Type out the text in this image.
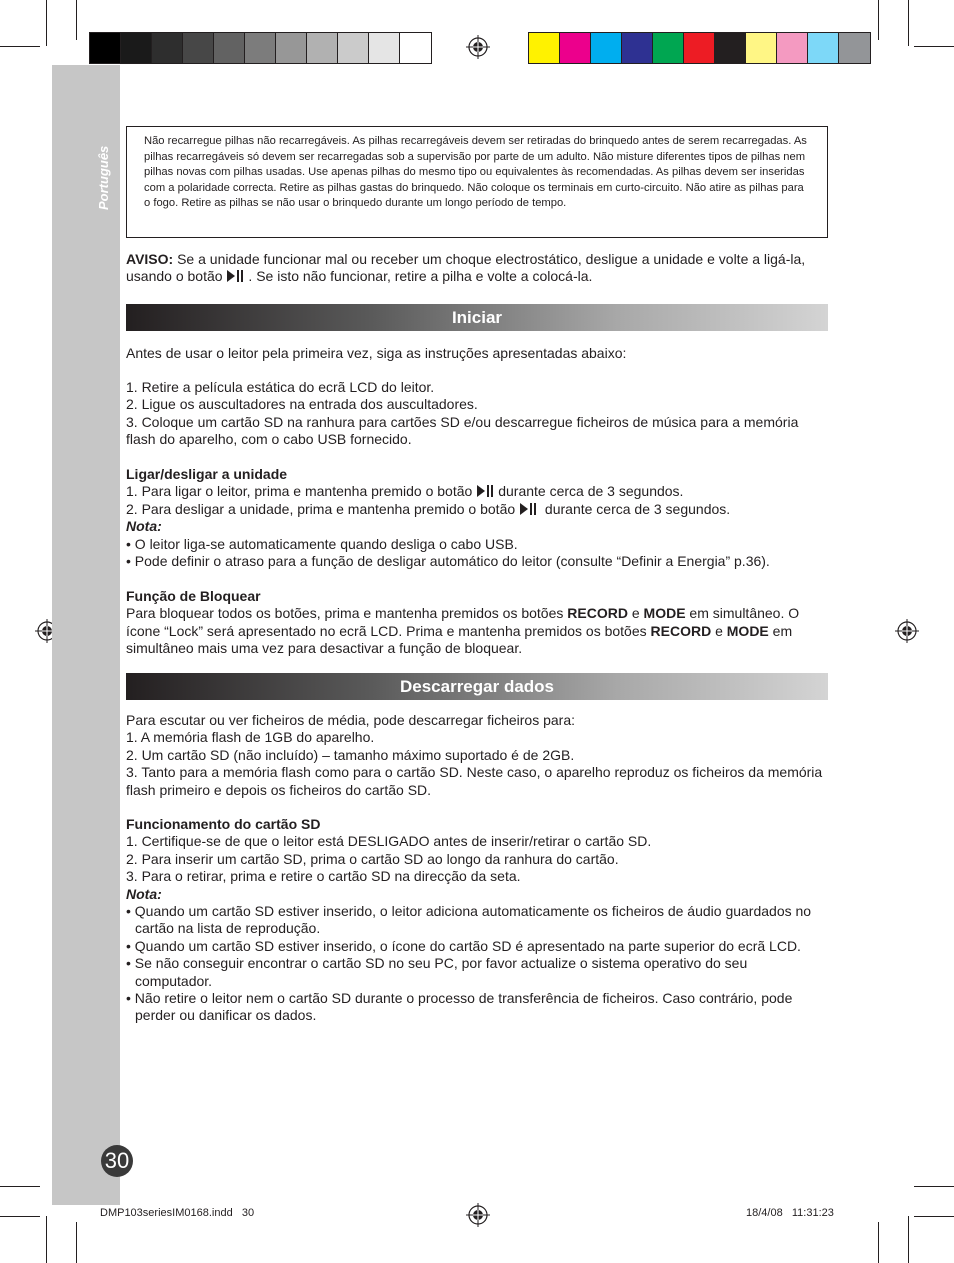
Português
30

Não recarregue pilhas não recarregáveis. As pilhas recarregáveis devem ser retiradas do brinquedo antes de serem recarregadas. As pilhas recarregáveis só devem ser recarregadas sob a supervisão por parte de um adulto. Não misture diferentes tipos de pilhas nem pilhas novas com pilhas usadas. Use apenas pilhas do mesmo tipo ou equivalentes às recomendadas. As pilhas devem ser inseridas com a polaridade correcta. Retire as pilhas gastas do brinquedo. Não coloque os terminais em curto-circuito. Não atire as pilhas para o fogo. Retire as pilhas se não usar o brinquedo durante um longo período de tempo.

AVISO: Se a unidade funcionar mal ou receber um choque electrostático, desligue a unidade e volte a ligá-la, usando o botão . Se isto não funcionar, retire a pilha e volte a colocá-la.

Iniciar

Antes de usar o leitor pela primeira vez, siga as instruções apresentadas abaixo:

1. Retire a película estática do ecrã LCD do leitor.

2. Ligue os auscultadores na entrada dos auscultadores.

3. Coloque um cartão SD na ranhura para cartões SD e/ou descarregue ficheiros de música para a memória flash do aparelho, com o cabo USB fornecido.

Ligar/desligar a unidade

1. Para ligar o leitor, prima e mantenha premido o botão durante cerca de 3 segundos.

2. Para desligar a unidade, prima e mantenha premido o botão  durante cerca de 3 segundos.

Nota:

• O leitor liga-se automaticamente quando desliga o cabo USB.

• Pode definir o atraso para a função de desligar automático do leitor (consulte “Definir a Energia” p.36).

Função de Bloquear

Para bloquear todos os botões, prima e mantenha premidos os botões RECORD e MODE em simultâneo. O ícone “Lock” será apresentado no ecrã LCD. Prima e mantenha premidos os botões RECORD e MODE em simultâneo mais uma vez para desactivar a função de bloquear.

Descarregar dados

Para escutar ou ver ficheiros de média, pode descarregar ficheiros para:

1. A memória flash de 1GB do aparelho.

2. Um cartão SD (não incluído) – tamanho máximo suportado é de 2GB.

3. Tanto para a memória flash como para o cartão SD. Neste caso, o aparelho reproduz os ficheiros da memória flash primeiro e depois os ficheiros do cartão SD.

Funcionamento do cartão SD

1. Certifique-se de que o leitor está DESLIGADO antes de inserir/retirar o cartão SD.

2. Para inserir um cartão SD, prima o cartão SD ao longo da ranhura do cartão.

3. Para o retirar, prima e retire o cartão SD na direcção da seta.

Nota:

• Quando um cartão SD estiver inserido, o leitor adiciona automaticamente os ficheiros de áudio guardados no cartão na lista de reprodução.

• Quando um cartão SD estiver inserido, o ícone do cartão SD é apresentado na parte superior do ecrã LCD.

• Se não conseguir encontrar o cartão SD no seu PC, por favor actualize o sistema operativo do seu computador.

• Não retire o leitor nem o cartão SD durante o processo de transferência de ficheiros. Caso contrário, pode perder ou danificar os dados.

DMP103seriesIM0168.indd   30	18/4/08   11:31:23
